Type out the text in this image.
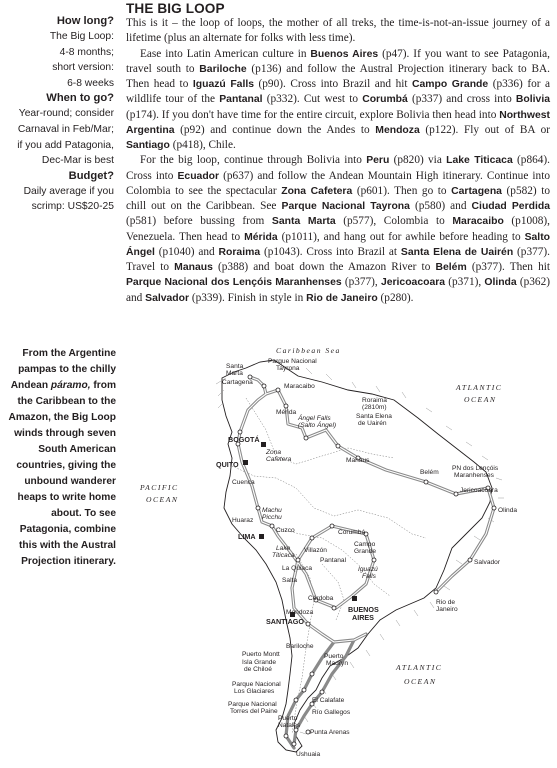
How long?
The Big Loop:
4-8 months;
short version:
6-8 weeks
When to go?
Year-round; consider
Carnaval in Feb/Mar;
if you add Patagonia,
Dec-Mar is best
Budget?
Daily average if you
scrimp: US$20-25
THE BIG LOOP

This is it – the loop of loops, the mother of all treks, the time-is-not-an-issue journey of a lifetime (plus an alternate for folks with less time).

Ease into Latin American culture in Buenos Aires (p47). If you want to see Patagonia, travel south to Bariloche (p136) and follow the Austral Projection itinerary back to BA. Then head to Iguazú Falls (p90). Cross into Brazil and hit Campo Grande (p336) for a wildlife tour of the Pantanal (p332). Cut west to Corumbá (p337) and cross into Bolivia (p174). If you don't have time for the entire circuit, explore Bolivia then head into Northwest Argentina (p92) and continue down the Andes to Mendoza (p122). Fly out of BA or Santiago (p418), Chile.

For the big loop, continue through Bolivia into Peru (p820) via Lake Titicaca (p864). Cross into Ecuador (p637) and follow the Andean Mountain High itinerary. Continue into Colombia to see the spectacular Zona Cafetera (p601). Then go to Cartagena (p582) to chill out on the Caribbean. See Parque Nacional Tayrona (p580) and Ciudad Perdida (p581) before bussing from Santa Marta (p577), Colombia to Maracaibo (p1008), Venezuela. Then head to Mérida (p1011), and hang out for awhile before heading to Salto Ángel (p1040) and Roraima (p1043). Cross into Brazil at Santa Elena de Uairén (p377). Travel to Manaus (p388) and boat down the Amazon River to Belém (p377). Then hit Parque Nacional dos Lençóis Maranhenses (p377), Jericoacoara (p371), Olinda (p362) and Salvador (p339). Finish in style in Rio de Janeiro (p280).

From the Argentine pampas to the chilly Andean páramo, from the Caribbean to the Amazon, the Big Loop winds through seven South American countries, giving the unbound wanderer heaps to write home about. To see Patagonia, combine this with the Austral Projection itinerary.
Caribbean Sea
ATLANTIC
OCEAN
PACIFIC
OCEAN
ATLANTIC
OCEAN
Parque Nacional
Tayrona
Santa
Marta
Cartagena
Maracaibo
Mérida
Ángel Falls
(Salto Ángel)
Roraima
(2810m)
Santa Elena
de Uairén
BOGOTÁ
Zona
Cafetera
QUITO
Cuenca
Manaus
Belém
PN dos Lençóis
Maranhenses
Jericoacoara
Olinda
Salvador
Rio de
Janeiro
Huaraz
Machu
Picchu
LIMA
Cuzco
Lake
Titicaca
Villazón
La Quiaca
Salta
Corumbá
Campo
Grande
Pantanal
Iguazú
Falls
Córdoba
Mendoza
SANTIAGO
BUENOS
AIRES
Bariloche
Puerto Montt
Isla Grande
de Chiloé
Puerto
Madryn
Parque Nacional
Los Glaciares
El Calafate
Parque Nacional
Torres del Paine	Río Gallegos
Puerto
Natales
Punta Arenas
Ushuaia
